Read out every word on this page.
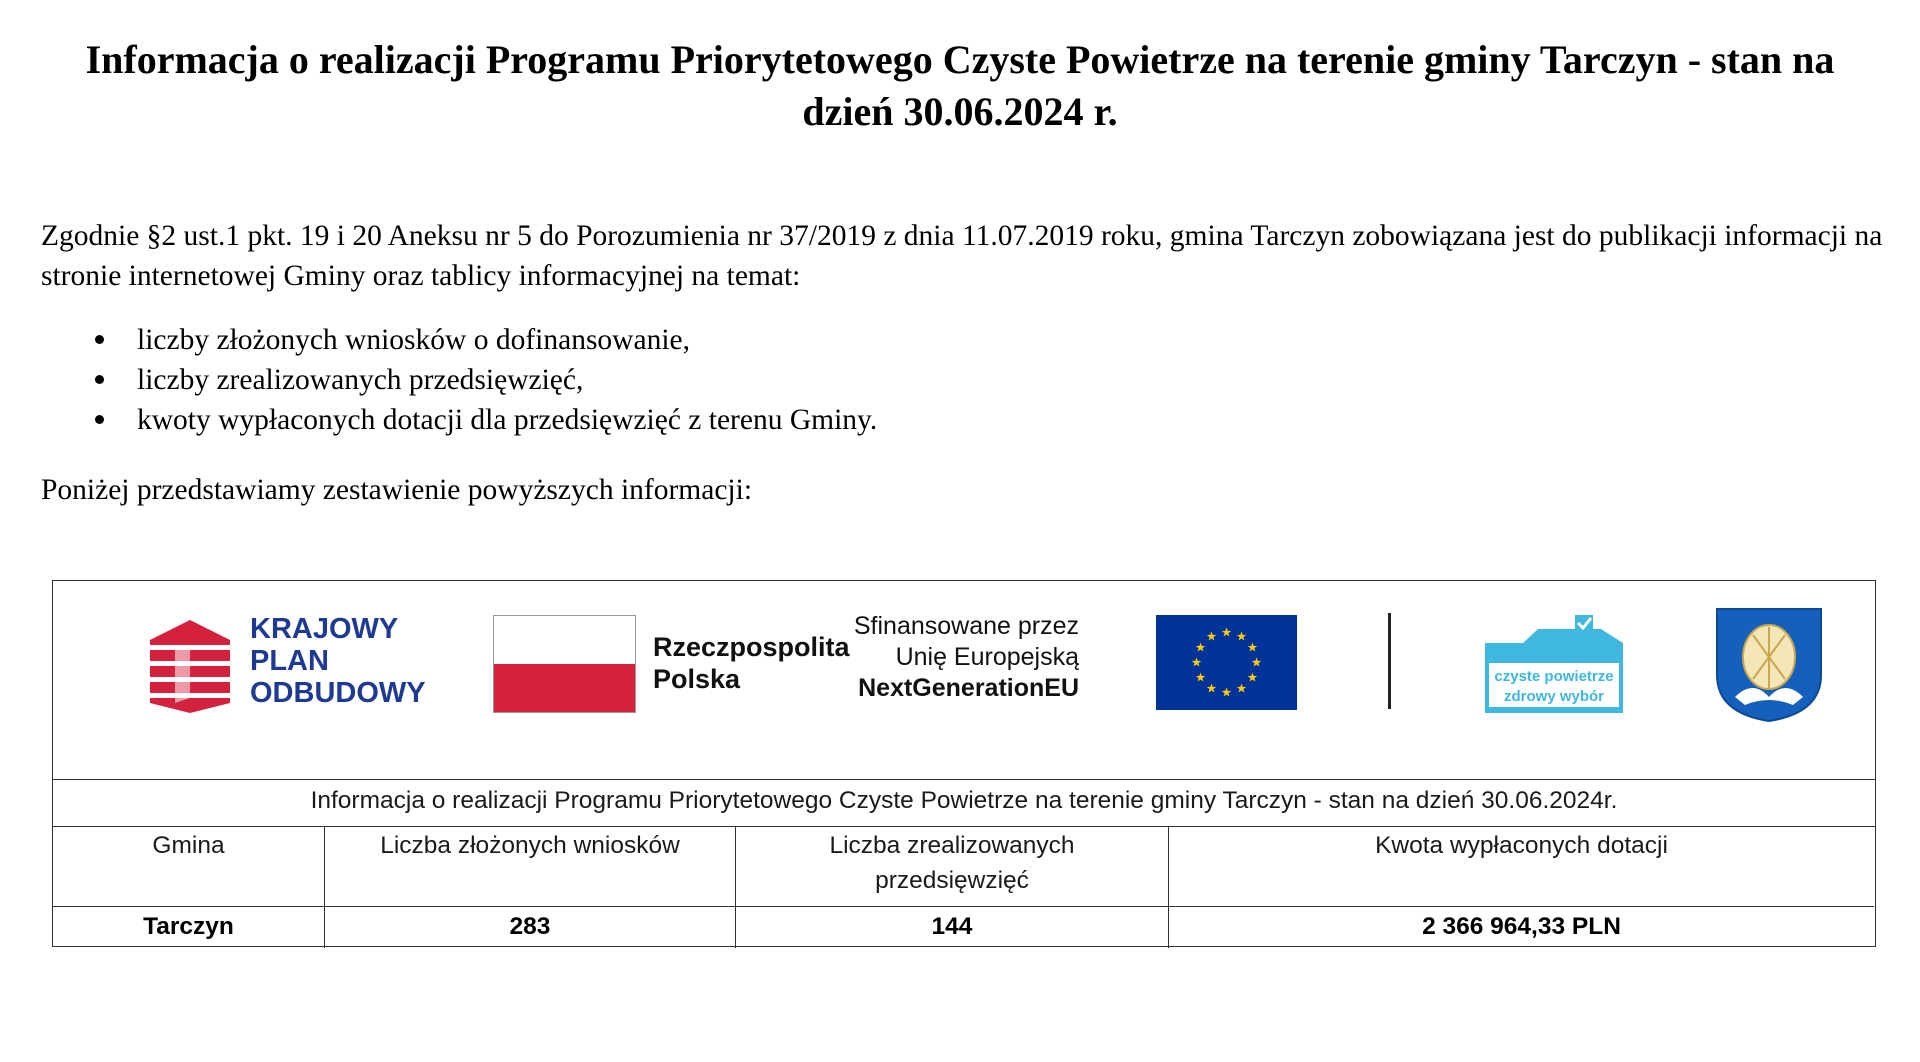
Informacja o realizacji Programu Priorytetowego Czyste Powietrze na terenie gminy Tarczyn - stan na dzień 30.06.2024 r.

Zgodnie §2 ust.1 pkt. 19 i 20 Aneksu nr 5 do Porozumienia nr 37/2019 z dnia 11.07.2019 roku, gmina Tarczyn zobowiązana jest do publikacji informacji na stronie internetowej Gminy oraz tablicy informacyjnej na temat:

liczby złożonych wniosków o dofinansowanie,
liczby zrealizowanych przedsięwzięć,
kwoty wypłaconych dotacji dla przedsięwzięć z terenu Gminy.

Poniżej przedstawiamy zestawienie powyższych informacji:

KRAJOWY
PLAN
ODBUDOWY
Rzeczpospolita
Polska
Sfinansowane przez
Unię Europejską
NextGenerationEU	czyste powietrze
zdrowy wybór
Informacja o realizacji Programu Priorytetowego Czyste Powietrze na terenie gminy Tarczyn - stan na dzień 30.06.2024r.
Gmina
Tarczyn
Liczba złożonych wniosków
283
Liczba zrealizowanych przedsięwzięć
144
Kwota wypłaconych dotacji
2 366 964,33 PLN
